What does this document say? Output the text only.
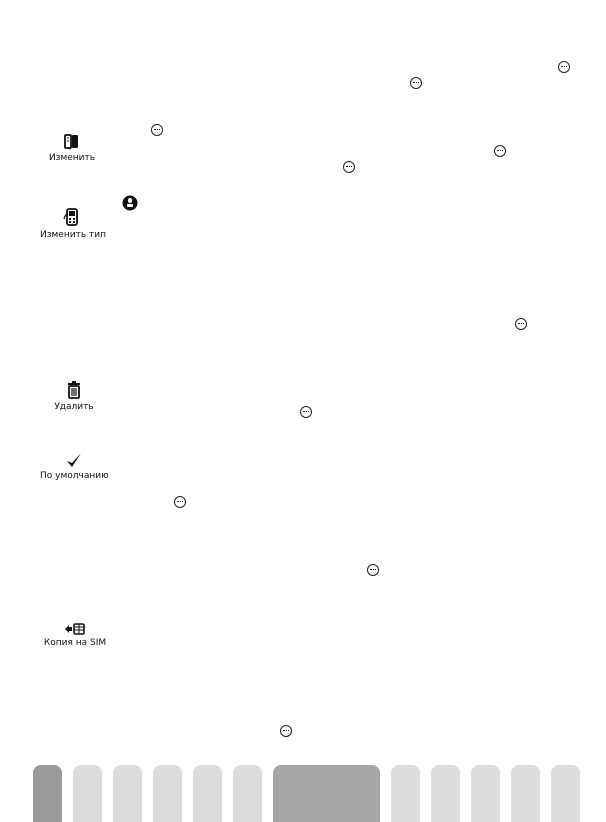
Изменить
Изменить тип
Удалить
По умолчанию
Копия на SIM
